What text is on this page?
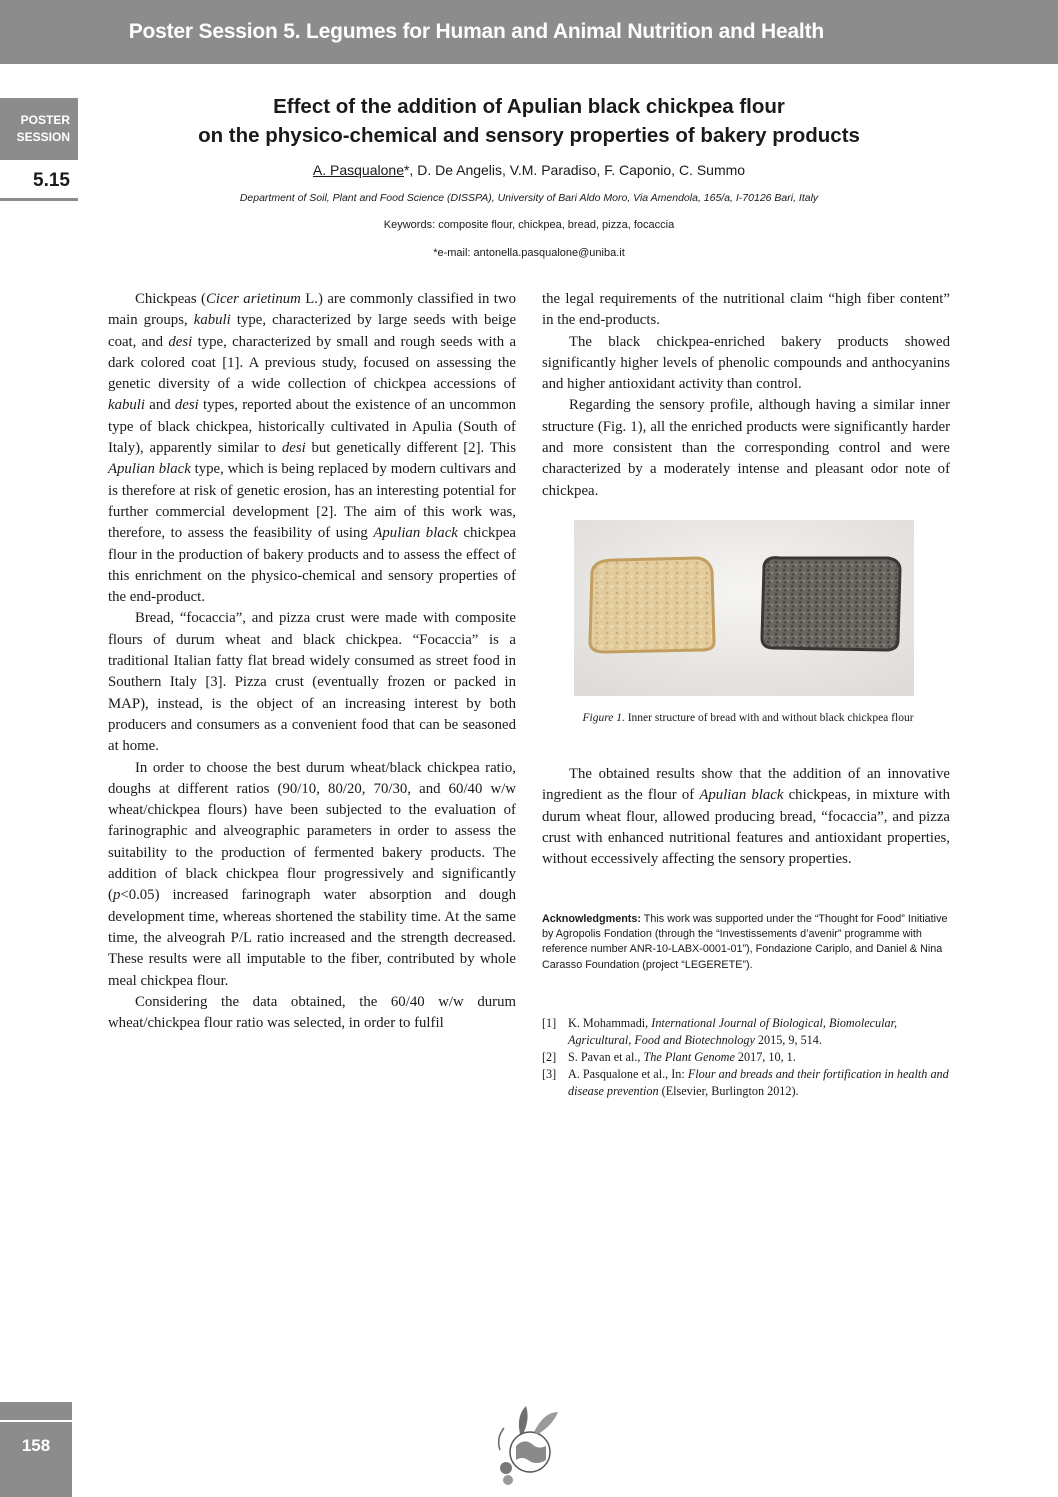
Poster Session 5. Legumes for Human and Animal Nutrition and Health
POSTER
SESSION
5.15
Effect of the addition of Apulian black chickpea flour
on the physico-chemical and sensory properties of bakery products
A. Pasqualone*, D. De Angelis, V.M. Paradiso, F. Caponio, C. Summo
Department of Soil, Plant and Food Science (DISSPA), University of Bari Aldo Moro, Via Amendola, 165/a, I-70126 Bari, Italy
Keywords: composite flour, chickpea, bread, pizza, focaccia
*e-mail: antonella.pasqualone@uniba.it

Chickpeas (Cicer arietinum L.) are commonly classified in two main groups, kabuli type, characterized by large seeds with beige coat, and desi type, characterized by small and rough seeds with a dark colored coat [1]. A previous study, focused on assessing the genetic diversity of a wide collection of chickpea accessions of kabuli and desi types, reported about the existence of an uncommon type of black chickpea, historically cultivated in Apulia (South of Italy), apparently similar to desi but genetically different [2]. This Apulian black type, which is being replaced by modern cultivars and is therefore at risk of genetic erosion, has an interesting potential for further commercial development [2]. The aim of this work was, therefore, to assess the feasibility of using Apulian black chickpea flour in the production of bakery products and to assess the effect of this enrichment on the physico-chemical and sensory properties of the end-product.

Bread, “focaccia”, and pizza crust were made with composite flours of durum wheat and black chickpea. “Focaccia” is a traditional Italian fatty flat bread widely consumed as street food in Southern Italy [3]. Pizza crust (eventually frozen or packed in MAP), instead, is the object of an increasing interest by both producers and consumers as a convenient food that can be seasoned at home.

In order to choose the best durum wheat/black chickpea ratio, doughs at different ratios (90/10, 80/20, 70/30, and 60/40 w/w wheat/chickpea flours) have been subjected to the evaluation of farinographic and alveographic parameters in order to assess the suitability to the production of fermented bakery products. The addition of black chickpea flour progressively and significantly (p<0.05) increased farinograph water absorption and dough development time, whereas shortened the stability time. At the same time, the alveograh P/L ratio increased and the strength decreased. These results were all imputable to the fiber, contributed by whole meal chickpea flour.

Considering the data obtained, the 60/40 w/w durum wheat/chickpea flour ratio was selected, in order to fulfil

the legal requirements of the nutritional claim “high fiber content” in the end-products.

The black chickpea-enriched bakery products showed significantly higher levels of phenolic compounds and anthocyanins and higher antioxidant activity than control.

Regarding the sensory profile, although having a similar inner structure (Fig. 1), all the enriched products were significantly harder and more consistent than the corresponding control and were characterized by a moderately intense and pleasant odor note of chickpea.

Figure 1. Inner structure of bread with and without black chickpea flour

The obtained results show that the addition of an innovative ingredient as the flour of Apulian black chickpeas, in mixture with durum wheat flour, allowed producing bread, “focaccia”, and pizza crust with enhanced nutritional features and antioxidant properties, without eccessively affecting the sensory properties.

Acknowledgments: This work was supported under the “Thought for Food” Initiative by Agropolis Fondation (through the “Investissements d’avenir” programme with reference number ANR-10-LABX-0001-01”), Fondazione Cariplo, and Daniel & Nina Carasso Foundation (project “LEGERETE”).
[1] K. Mohammadi, International Journal of Biological, Biomolecular, Agricultural, Food and Biotechnology 2015, 9, 514.
[2] S. Pavan et al., The Plant Genome 2017, 10, 1.
[3] A. Pasqualone et al., In: Flour and breads and their fortification in health and disease prevention (Elsevier, Burlington 2012).
158
